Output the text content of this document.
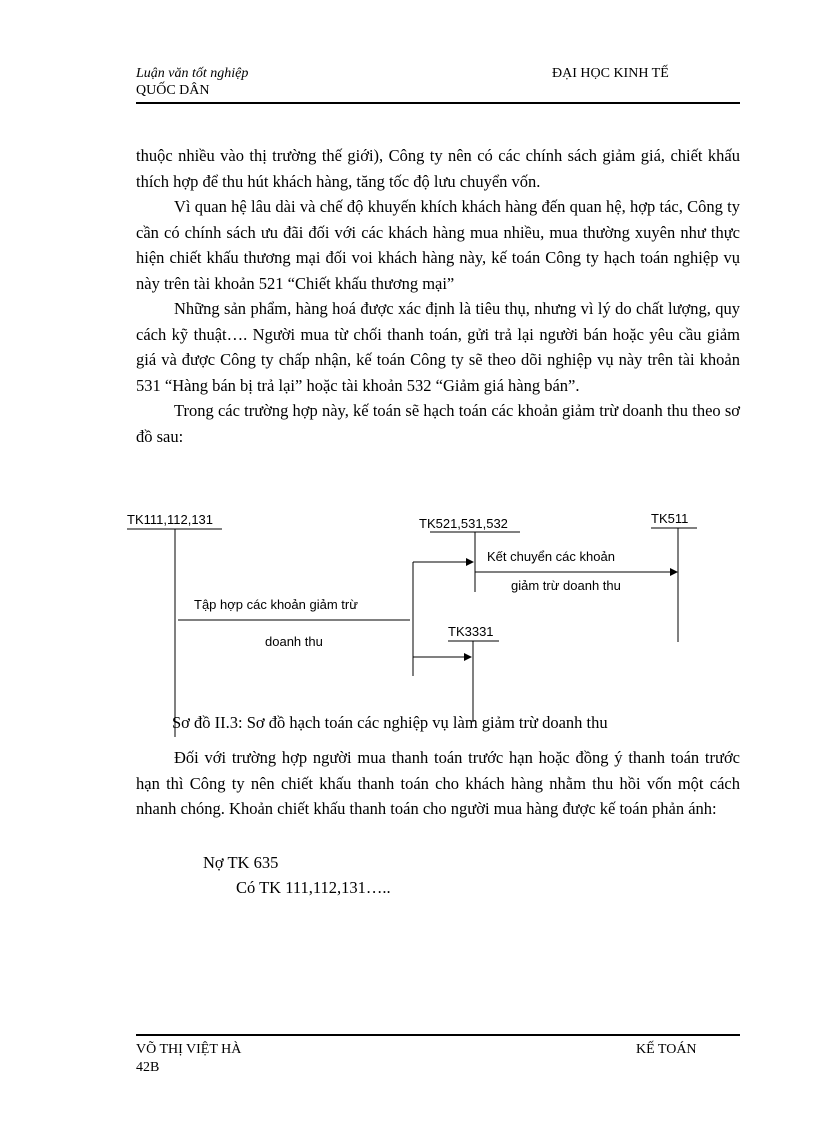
Luận văn tốt nghiệp	ĐẠI HỌC KINH TẾ
QUỐC DÂN

thuộc nhiều vào thị trường thế giới), Công ty nên có các chính sách giảm giá, chiết khấu thích hợp để thu hút khách hàng, tăng tốc độ lưu chuyển vốn.

Vì quan hệ lâu dài và chế độ khuyến khích khách hàng đến quan hệ, hợp tác, Công ty cần có chính sách ưu đãi đối với các khách hàng mua nhiều, mua thường xuyên như thực hiện chiết khấu thương mại đối voi khách hàng này, kế toán Công ty hạch toán nghiệp vụ này trên tài khoản 521 “Chiết khấu thương mại”

Những sản phẩm, hàng hoá được xác định là tiêu thụ, nhưng vì lý do chất lượng, quy cách kỹ thuật…. Người mua từ chối thanh toán, gửi trả lại người bán hoặc yêu cầu giảm giá và được Công ty chấp nhận, kế toán Công ty sẽ theo dõi nghiệp vụ này trên tài khoản 531 “Hàng bán bị trả lại” hoặc tài khoản 532 “Giảm giá hàng bán”.

Trong các trường hợp này, kế toán sẽ hạch toán các khoản giảm trừ doanh thu theo sơ đồ sau:

TK111,112,131	TK521,531,532	TK511
TK3331
Kết chuyển các khoản
giảm trừ doanh thu
Tập hợp các khoản giảm trừ
doanh thu
Sơ đồ II.3: Sơ đồ hạch toán các nghiệp vụ làm giảm trừ doanh thu

Đối với trường hợp người mua thanh toán trước hạn hoặc đồng ý thanh toán trước hạn thì Công ty nên chiết khấu thanh toán cho khách hàng nhằm thu hồi vốn một cách nhanh chóng. Khoản chiết khấu thanh toán cho người mua hàng được kế toán phản ánh:

Nợ TK 635
Có TK 111,112,131…..
VÕ THỊ VIỆT HÀ	KẾ TOÁN
42B
